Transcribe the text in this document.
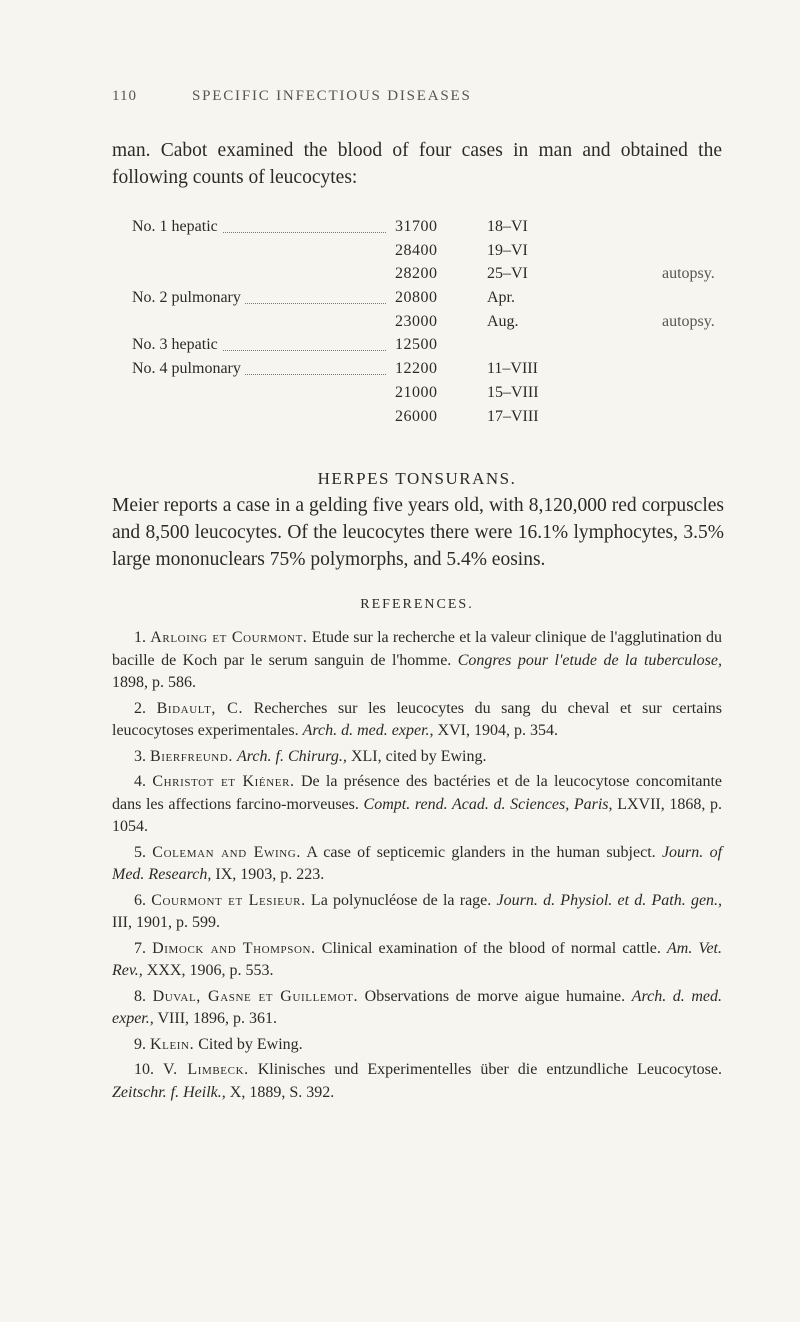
110	SPECIFIC INFECTIOUS DISEASES

man. Cabot examined the blood of four cases in man and obtained the following counts of leucocytes:

No. 1 hepatic	31700	18–VI
28400	19–VI
28200	25–VI	autopsy.
No. 2 pulmonary	20800	Apr.
23000	Aug.	autopsy.
No. 3 hepatic	12500
No. 4 pulmonary	12200	11–VIII
21000	15–VIII
26000	17–VIII
HERPES TONSURANS.

Meier reports a case in a gelding five years old, with 8,120,000 red corpuscles and 8,500 leucocytes. Of the leucocytes there were 16.1% lymphocytes, 3.5% large mononuclears 75% polymorphs, and 5.4% eosins.

REFERENCES.

1. Arloing et Courmont. Etude sur la recherche et la valeur clinique de l'agglutination du bacille de Koch par le serum sanguin de l'homme. Congres pour l'etude de la tuberculose, 1898, p. 586.

2. Bidault, C. Recherches sur les leucocytes du sang du cheval et sur certains leucocytoses experimentales. Arch. d. med. exper., XVI, 1904, p. 354.

3. Bierfreund. Arch. f. Chirurg., XLI, cited by Ewing.

4. Christot et Kiéner. De la présence des bactéries et de la leucocytose concomitante dans les affections farcino-morveuses. Compt. rend. Acad. d. Sciences, Paris, LXVII, 1868, p. 1054.

5. Coleman and Ewing. A case of septicemic glanders in the human subject. Journ. of Med. Research, IX, 1903, p. 223.

6. Courmont et Lesieur. La polynucléose de la rage. Journ. d. Physiol. et d. Path. gen., III, 1901, p. 599.

7. Dimock and Thompson. Clinical examination of the blood of normal cattle. Am. Vet. Rev., XXX, 1906, p. 553.

8. Duval, Gasne et Guillemot. Observations de morve aigue humaine. Arch. d. med. exper., VIII, 1896, p. 361.

9. Klein. Cited by Ewing.

10. V. Limbeck. Klinisches und Experimentelles über die entzundliche Leucocytose. Zeitschr. f. Heilk., X, 1889, S. 392.
